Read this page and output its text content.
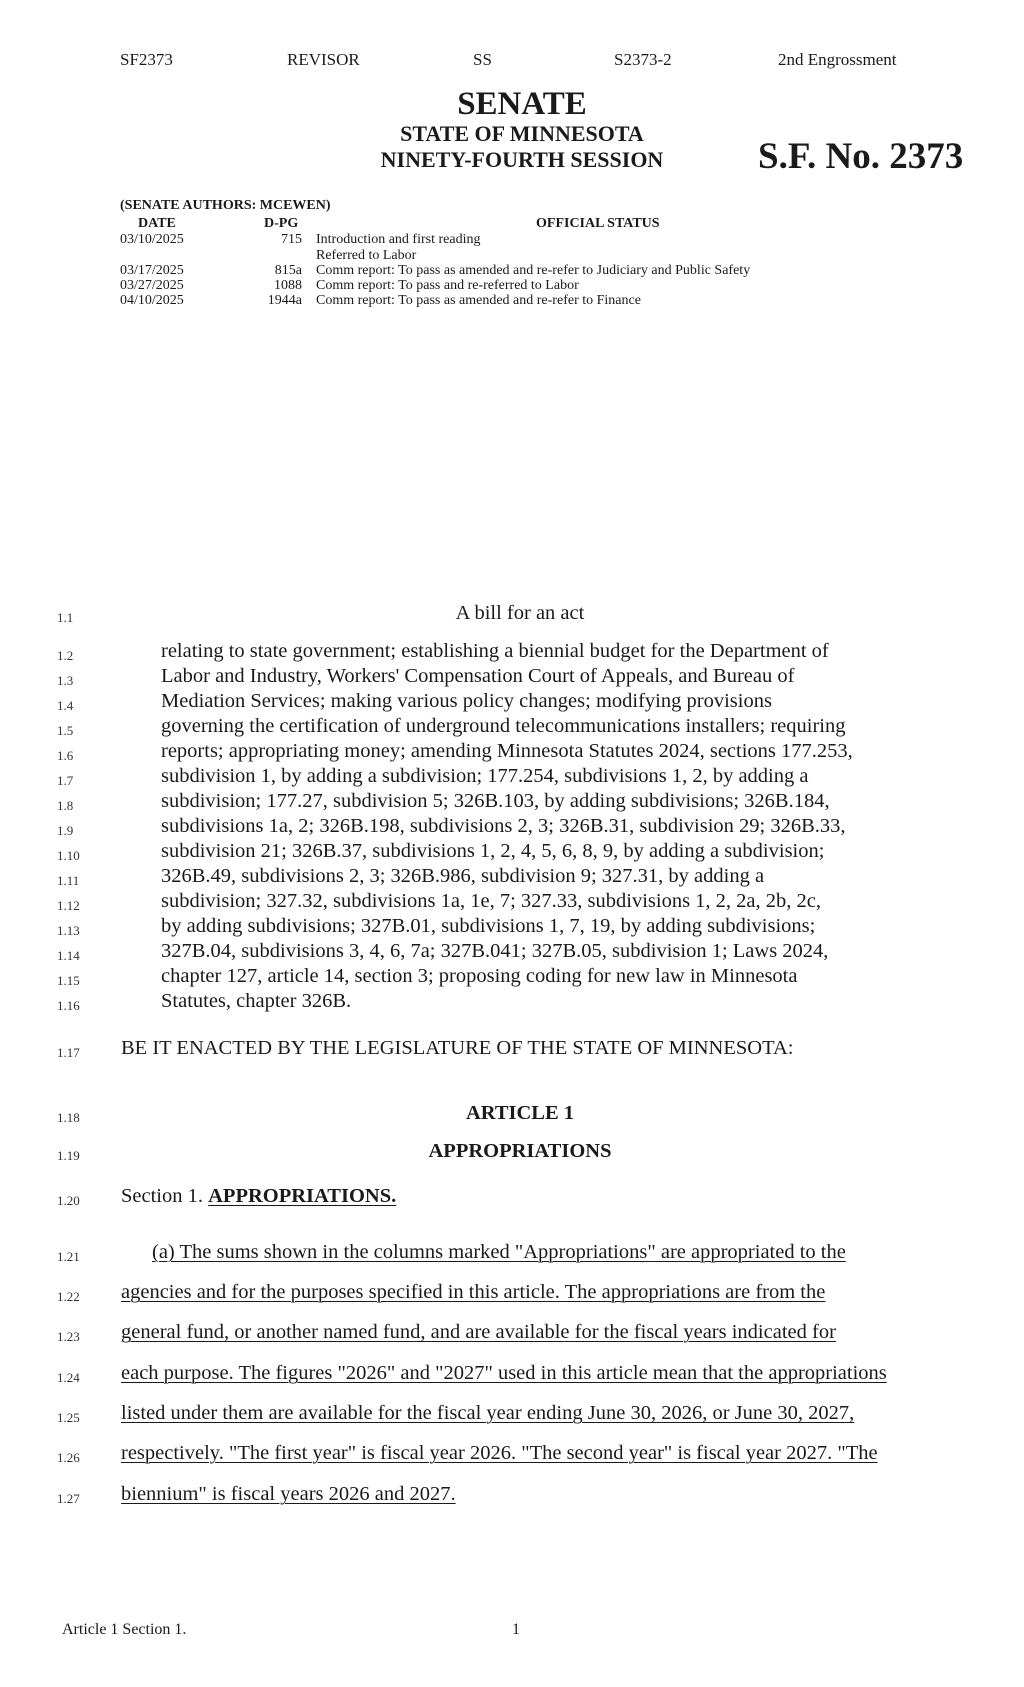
SF2373	REVISOR	SS	S2373-2	2nd Engrossment
SENATE
STATE OF MINNESOTA
NINETY-FOURTH SESSION	S.F. No. 2373
(SENATE AUTHORS: MCEWEN)
DATE	D-PG	OFFICIAL STATUS
03/10/2025	715 Introduction and first reading
Referred to Labor
03/17/2025	815a Comm report: To pass as amended and re-refer to Judiciary and Public Safety
03/27/2025	1088 Comm report: To pass and re-referred to Labor
04/10/2025	1944a Comm report: To pass as amended and re-refer to Finance
1.1	A bill for an act
1.2	relating to state government; establishing a biennial budget for the Department of
1.3	Labor and Industry, Workers' Compensation Court of Appeals, and Bureau of
1.4	Mediation Services; making various policy changes; modifying provisions
1.5	governing the certification of underground telecommunications installers; requiring
1.6	reports; appropriating money; amending Minnesota Statutes 2024, sections 177.253,
1.7	subdivision 1, by adding a subdivision; 177.254, subdivisions 1, 2, by adding a
1.8	subdivision; 177.27, subdivision 5; 326B.103, by adding subdivisions; 326B.184,
1.9	subdivisions 1a, 2; 326B.198, subdivisions 2, 3; 326B.31, subdivision 29; 326B.33,
1.10	subdivision 21; 326B.37, subdivisions 1, 2, 4, 5, 6, 8, 9, by adding a subdivision;
1.11	326B.49, subdivisions 2, 3; 326B.986, subdivision 9; 327.31, by adding a
1.12	subdivision; 327.32, subdivisions 1a, 1e, 7; 327.33, subdivisions 1, 2, 2a, 2b, 2c,
1.13	by adding subdivisions; 327B.01, subdivisions 1, 7, 19, by adding subdivisions;
1.14	327B.04, subdivisions 3, 4, 6, 7a; 327B.041; 327B.05, subdivision 1; Laws 2024,
1.15	chapter 127, article 14, section 3; proposing coding for new law in Minnesota
1.16	Statutes, chapter 326B.
1.17 BE IT ENACTED BY THE LEGISLATURE OF THE STATE OF MINNESOTA:
1.18	ARTICLE 1
1.19	APPROPRIATIONS
1.20 Section 1. APPROPRIATIONS.
1.21	(a) The sums shown in the columns marked "Appropriations" are appropriated to the
1.22 agencies and for the purposes specified in this article. The appropriations are from the
1.23 general fund, or another named fund, and are available for the fiscal years indicated for
1.24 each purpose. The figures "2026" and "2027" used in this article mean that the appropriations
1.25 listed under them are available for the fiscal year ending June 30, 2026, or June 30, 2027,
1.26 respectively. "The first year" is fiscal year 2026. "The second year" is fiscal year 2027. "The
1.27 biennium" is fiscal years 2026 and 2027.
Article 1 Section 1.	1
